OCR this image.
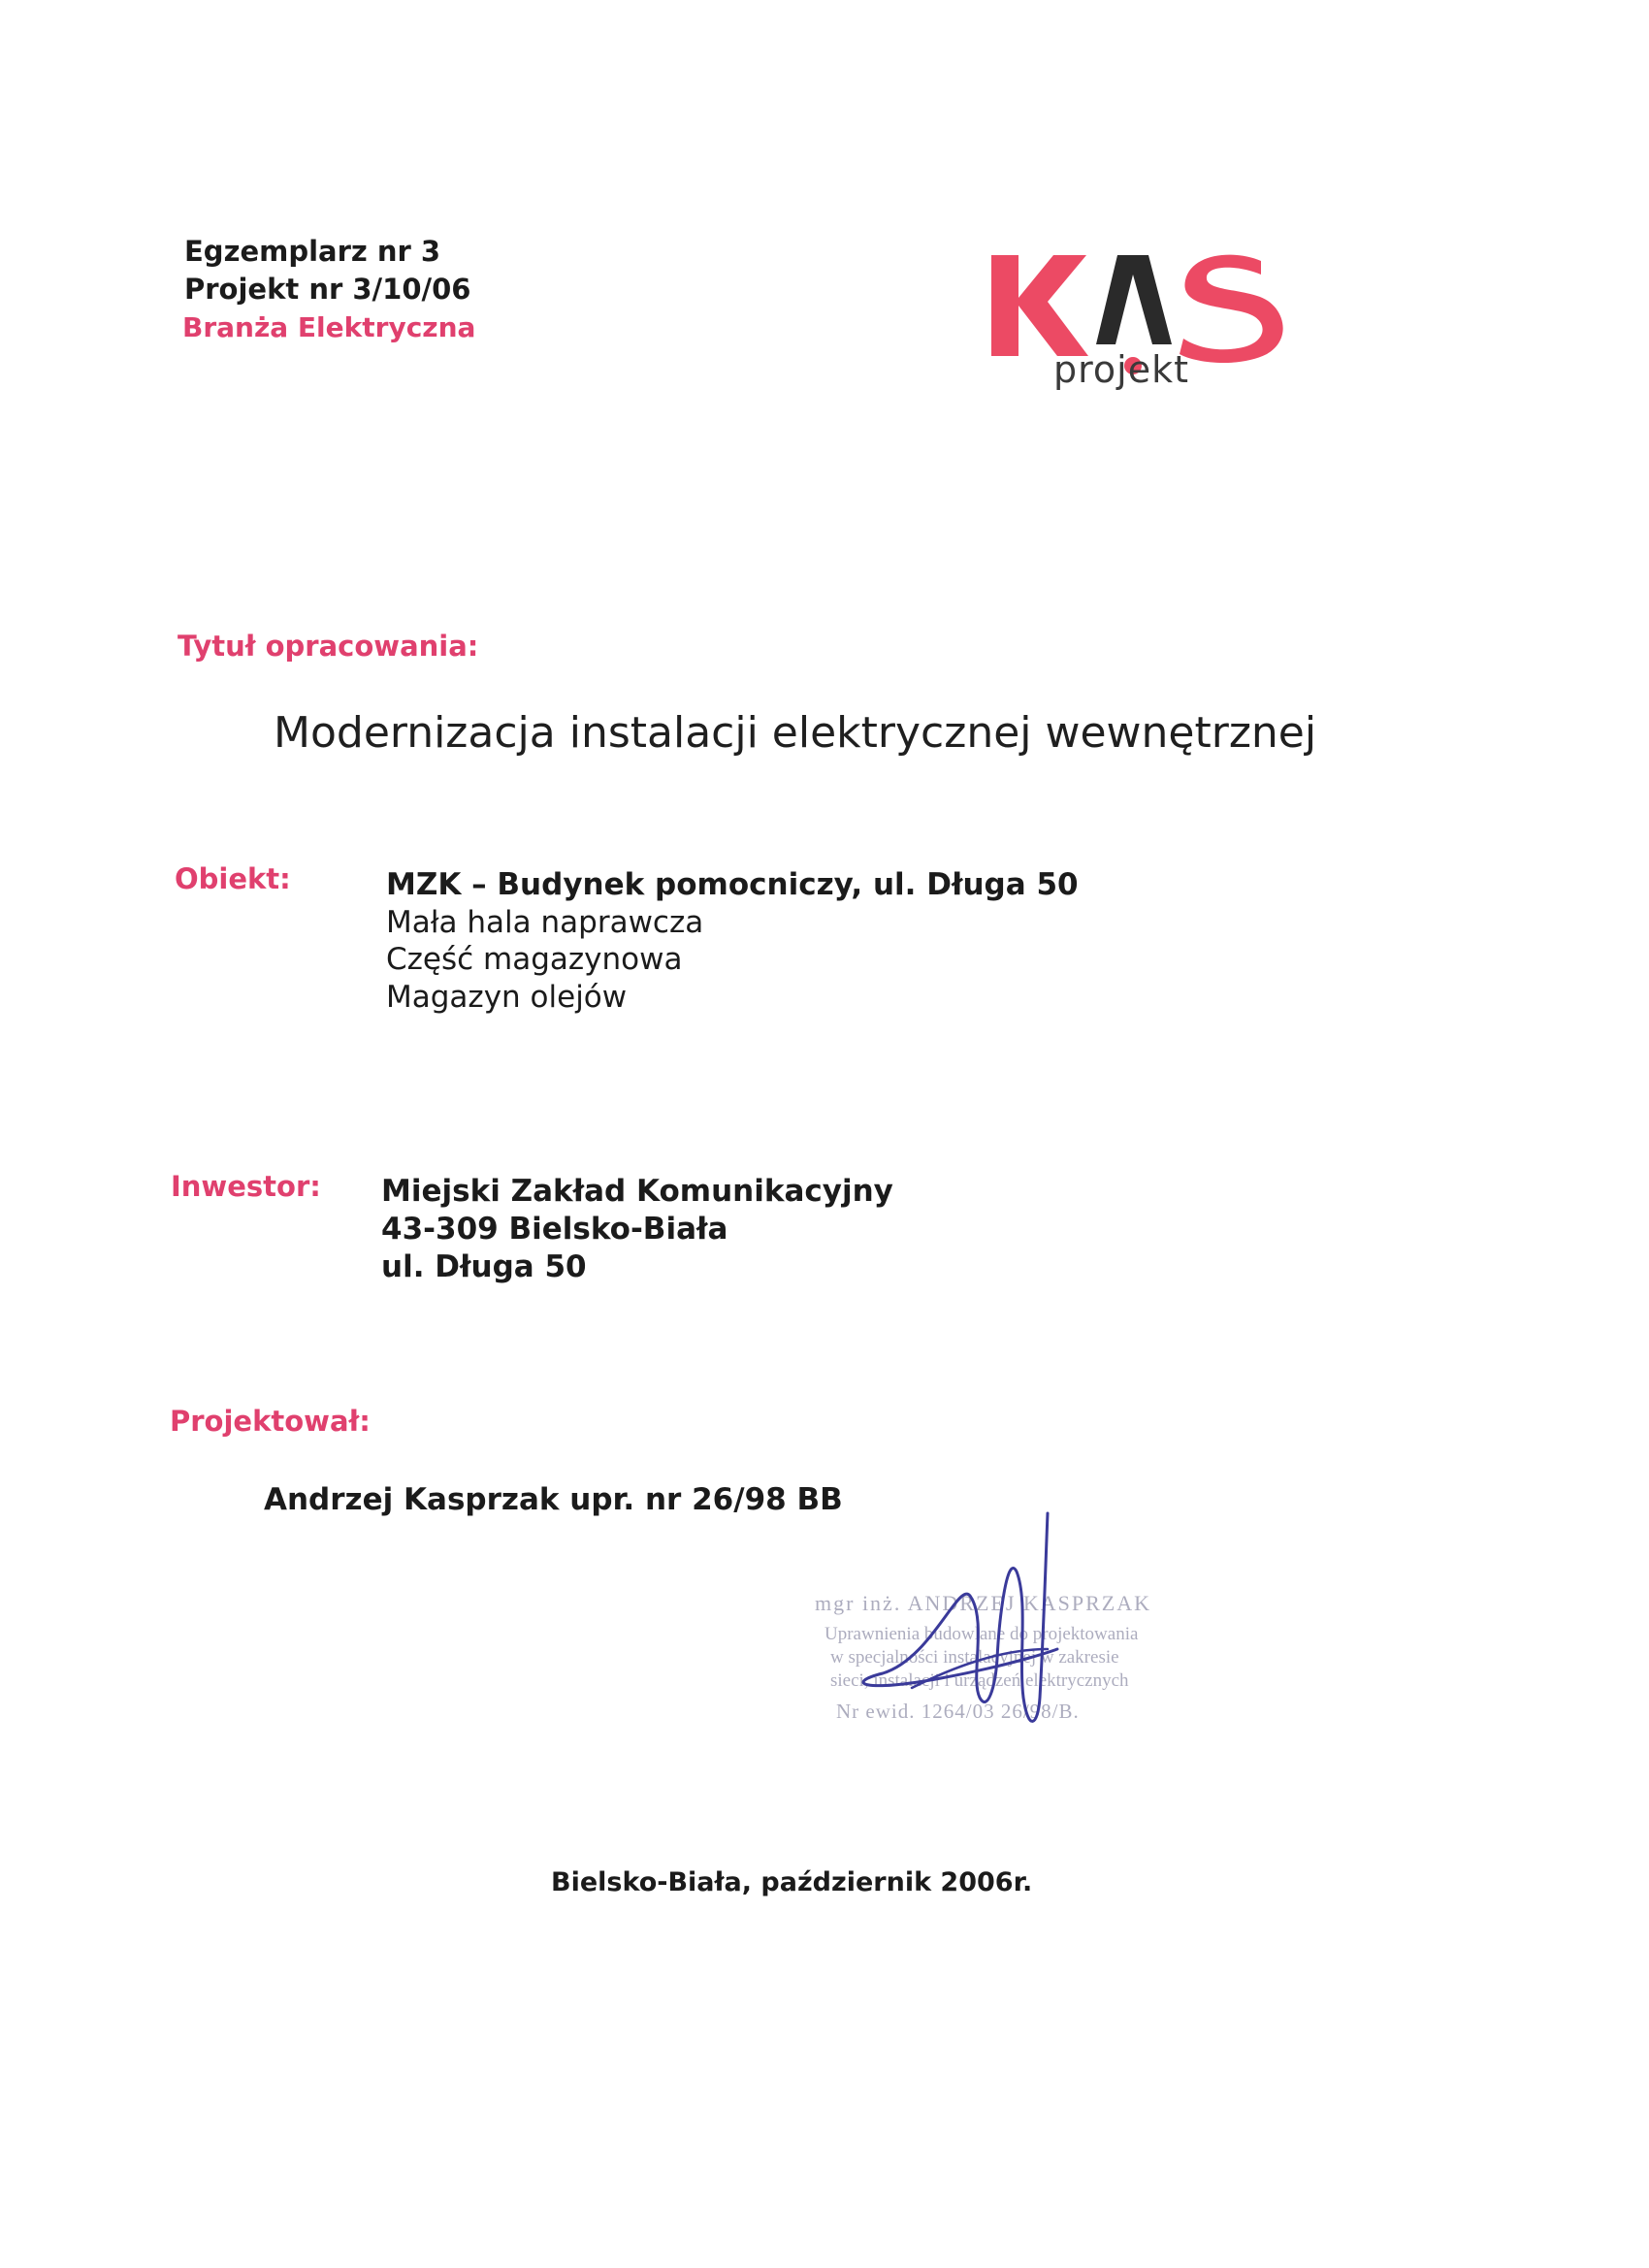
Egzemplarz nr 3
Projekt nr 3/10/06
Branża Elektryczna
projekt
Tytuł opracowania:
Modernizacja instalacji elektrycznej wewnętrznej
Obiekt:	MZK – Budynek pomocniczy, ul. Długa 50
Mała hala naprawcza
Część magazynowa
Magazyn olejów
Inwestor: Miejski Zakład Komunikacyjny
43-309 Bielsko-Biała
ul. Długa 50
Projektował:
Andrzej Kasprzak upr. nr 26/98 BB
mgr inż. ANDRZEJ KASPRZAK
Uprawnienia budowlane do projektowania
w specjalności instalacyjnej w zakresie
sieci, instalacji i urządzeń elektrycznych
Nr ewid. 1264/03 26/98/B.
Bielsko-Biała, październik 2006r.
